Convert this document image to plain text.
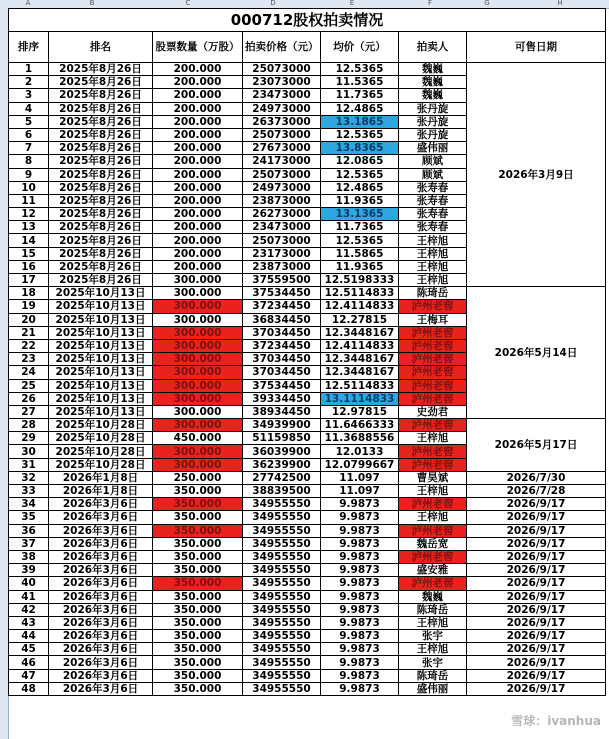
A	B	C	D	E	F	G	H
000712股权拍卖情况						
排序	排名	股票数量（万股）	拍卖价格（元）	均价（元）	拍卖人	可售日期
1	2025年8月26日	200.000	25073000	12.5365	魏巍	2026年3月9日
2	2025年8月26日	200.000	23073000	11.5365	魏巍	
3	2025年8月26日	200.000	23473000	11.7365	魏巍	
4	2025年8月26日	200.000	24973000	12.4865	张丹旋	
5	2025年8月26日	200.000	26373000	13.1865	张丹旋	
6	2025年8月26日	200.000	25073000	12.5365	张丹旋	
7	2025年8月26日	200.000	27673000	13.8365	盛伟丽	
8	2025年8月26日	200.000	24173000	12.0865	顾斌	
9	2025年8月26日	200.000	25073000	12.5365	顾斌	
10	2025年8月26日	200.000	24973000	12.4865	张寿春	
11	2025年8月26日	200.000	23873000	11.9365	张寿春	
12	2025年8月26日	200.000	26273000	13.1365	张寿春	
13	2025年8月26日	200.000	23473000	11.7365	张寿春	
14	2025年8月26日	200.000	25073000	12.5365	王梓旭	
15	2025年8月26日	200.000	23173000	11.5865	王梓旭	
16	2025年8月26日	200.000	23873000	11.9365	王梓旭	
17	2025年8月26日	300.000	37559500	12.5198333	王梓旭	
18	2025年10月13日	300.000	37534450	12.5114833	陈琦岳	2026年5月14日
19	2025年10月13日	300.000	37234450	12.4114833	泸州老窖	
20	2025年10月13日	300.000	36834450	12.27815	王梅耳	
21	2025年10月13日	300.000	37034450	12.3448167	泸州老窖	
22	2025年10月13日	300.000	37234450	12.4114833	泸州老窖	
23	2025年10月13日	300.000	37034450	12.3448167	泸州老窖	
24	2025年10月13日	300.000	37034450	12.3448167	泸州老窖	
25	2025年10月13日	300.000	37534450	12.5114833	泸州老窖	
26	2025年10月13日	300.000	39334450	13.1114833	泸州老窖	
27	2025年10月13日	300.000	38934450	12.97815	史劲君	
28	2025年10月28日	300.000	34939900	11.6466333	泸州老窖	2026年5月17日
29	2025年10月28日	450.000	51159850	11.3688556	王梓旭	
30	2025年10月28日	300.000	36039900	12.0133	泸州老窖	
31	2025年10月28日	300.000	36239900	12.0799667	泸州老窖	
32	2026年1月8日	250.000	27742500	11.097	曹昊斌	2026/7/30
33	2026年1月8日	350.000	38839500	11.097	王梓旭	2026/7/28
34	2026年3月6日	350.000	34955550	9.9873	泸州老窖	2026/9/17
35	2026年3月6日	350.000	34955550	9.9873	王梓旭	2026/9/17
36	2026年3月6日	350.000	34955550	9.9873	泸州老窖	2026/9/17
37	2026年3月6日	350.000	34955550	9.9873	魏岳宽	2026/9/17
38	2026年3月6日	350.000	34955550	9.9873	泸州老窖	2026/9/17
39	2026年3月6日	350.000	34955550	9.9873	盛安雅	2026/9/17
40	2026年3月6日	350.000	34955550	9.9873	泸州老窖	2026/9/17
41	2026年3月6日	350.000	34955550	9.9873	魏巍	2026/9/17
42	2026年3月6日	350.000	34955550	9.9873	陈琦岳	2026/9/17
43	2026年3月6日	350.000	34955550	9.9873	王梓旭	2026/9/17
44	2026年3月6日	350.000	34955550	9.9873	张宇	2026/9/17
45	2026年3月6日	350.000	34955550	9.9873	王梓旭	2026/9/17
46	2026年3月6日	350.000	34955550	9.9873	张宇	2026/9/17
47	2026年3月6日	350.000	34955550	9.9873	陈琦岳	2026/9/17
48	2026年3月6日	350.000	34955550	9.9873	盛伟丽	2026/9/17
雪球：ivanhua
